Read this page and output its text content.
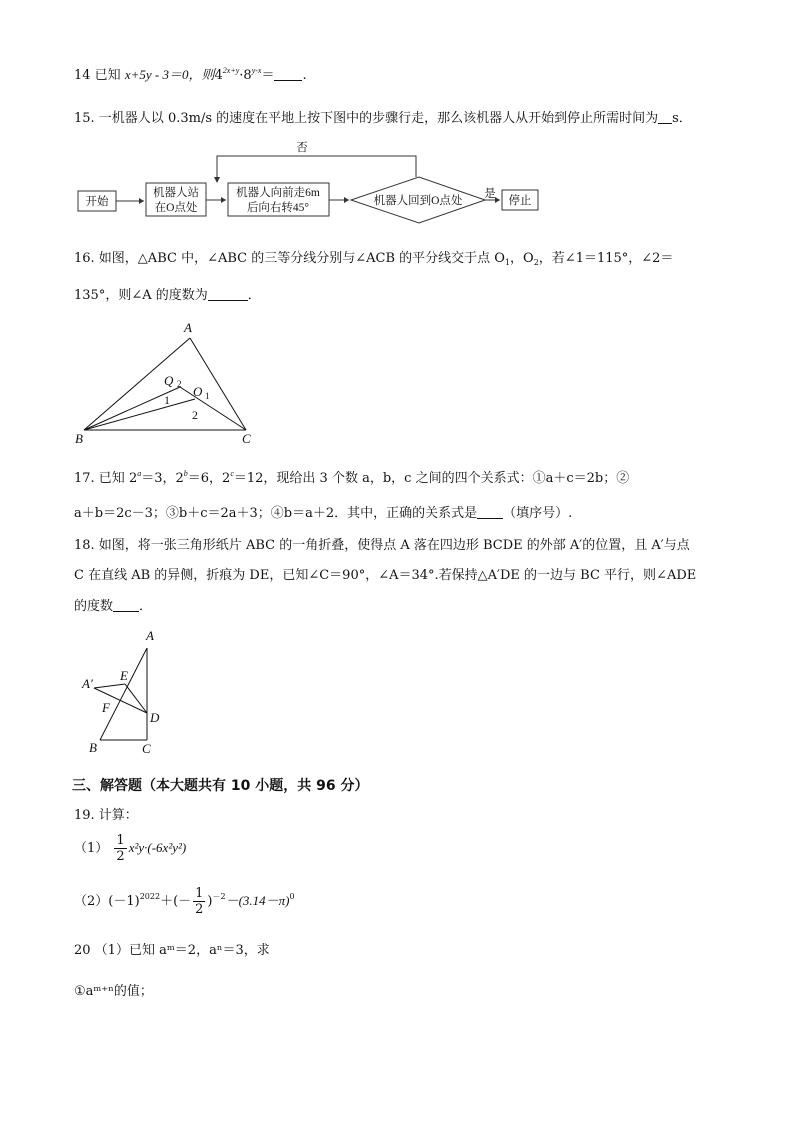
14 已知 x+5y - 3＝0，则$4^{2x+y}\cdot 8^{y-x}=$ .
15. 一机器人以 0.3m/s 的速度在平地上按下图中的步骤行走，那么该机器人从开始到停止所需时间为 s．
开始
机器人站
在O点处
机器人向前走6m
后向右转45°
机器人回到O点处	停止
是
否
16. 如图，△ABC 中，∠ABC 的三等分线分别与∠ACB 的平分线交于点 $O_1$，$O_2$，若∠1＝115°，∠2＝
135°，则∠A 的度数为	．
A
B	C
Q 2 O 1
1
2
17. 已知 $2^a=3$，$2^b=6$，$2^c=12$，现给出 3 个数 a，b，c 之间的四个关系式：①a＋c＝2b；②
a＋b＝2c－3；③b＋c＝2a＋3；④b＝a＋2．其中，正确的关系式是 （填序号）.
18. 如图，将一张三角形纸片 ABC 的一角折叠，使得点 A 落在四边形 BCDE 的外部 A′的位置，且 A′与点
C 在直线 AB 的异侧，折痕为 DE，已知∠C＝90°，∠A＝34°.若保持△A′DE 的一边与 BC 平行，则∠ADE
的度数 ．
A
A′
E
F
D
B	C
三、解答题（本大题共有 10 小题，共 96 分）
19. 计算：
$(1) \frac{1}{2} x^2y\cdot(-6x^2y^2)$
$(2)(-1)^{2022}+(- \frac{1}{2} )^{-2}-(3.14-\pi)^0$
20 （1）已知 aᵐ＝2，aⁿ＝3，求
①aᵐ⁺ⁿ的值；
